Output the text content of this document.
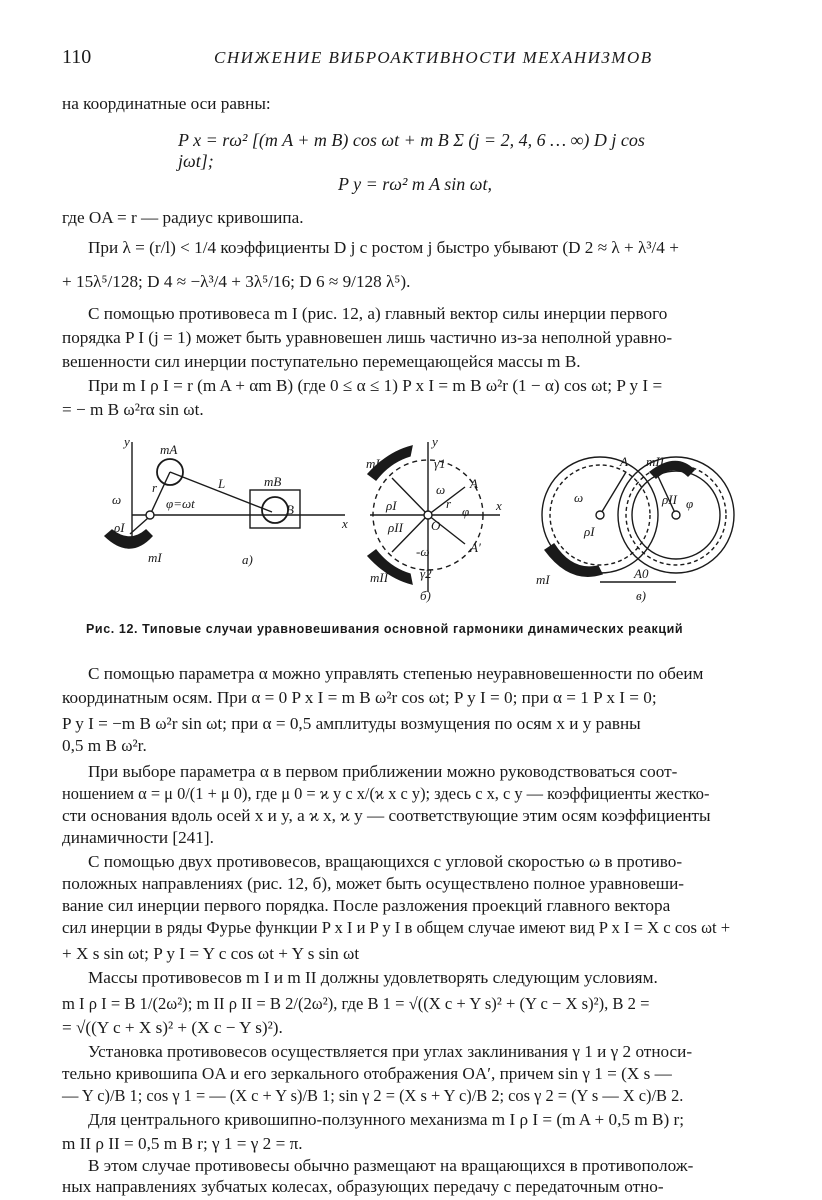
110	СНИЖЕНИЕ ВИБРОАКТИВНОСТИ МЕХАНИЗМОВ
на координатные оси равны:
P x = rω² [(m A + m B) cos ωt + m B Σ (j = 2, 4, 6 … ∞) D j cos jωt];
P y = rω² m A sin ωt,
где OA = r — радиус кривошипа.
При λ = (r/l) < 1/4 коэффициенты D j с ростом j быстро убывают (D 2 ≈ λ + λ³/4 +
+ 15λ⁵/128; D 4 ≈ −λ³/4 + 3λ⁵/16; D 6 ≈ 9/128 λ⁵).
С помощью противовеса m I (рис. 12, а) главный вектор силы инерции первого
порядка P I (j = 1) может быть уравновешен лишь частично из-за неполной уравно-
вешенности сил инерции поступательно перемещающейся массы m B.
При m I ρ I = r (m A + αm B) (где 0 ≤ α ≤ 1) P x I = m B ω²r (1 − α) cos ωt; P y I =
= − m B ω²rα sin ωt.
y
x
mA
mB
r	L
B
ω	φ=ωt
ρI
mI	а)
mI
mII
A
A′
y
x
O
γ1
γ2
ρI
ρII
ω
-ω
φ
r
б)
mII
mI
A
A0
ρI
ρII
ω	φ
в)
Рис. 12. Типовые случаи уравновешивания основной гармоники динамических реакций
С помощью параметра α можно управлять степенью неуравновешенности по обеим
координатным осям. При α = 0 P x I = m B ω²r cos ωt; P y I = 0; при α = 1 P x I = 0;
P y I = −m B ω²r sin ωt; при α = 0,5 амплитуды возмущения по осям x и y равны
0,5 m B ω²r.
При выборе параметра α в первом приближении можно руководствоваться соот-
ношением α = μ 0/(1 + μ 0), где μ 0 = ϰ y c x/(ϰ x c y); здесь c x, c y — коэффициенты жестко-
сти основания вдоль осей x и y, а ϰ x, ϰ y — соответствующие этим осям коэффициенты
динамичности [241].
С помощью двух противовесов, вращающихся с угловой скоростью ω в противо-
положных направлениях (рис. 12, б), может быть осуществлено полное уравновеши-
вание сил инерции первого порядка. После разложения проекций главного вектора
сил инерции в ряды Фурье функции P x I и P y I в общем случае имеют вид P x I = X c cos ωt +
+ X s sin ωt; P y I = Y c cos ωt + Y s sin ωt
Массы противовесов m I и m II должны удовлетворять следующим условиям.
m I ρ I = B 1/(2ω²); m II ρ II = B 2/(2ω²), где B 1 = √((X c + Y s)² + (Y c − X s)²), B 2 =
= √((Y c + X s)² + (X c − Y s)²).
Установка противовесов осуществляется при углах заклинивания γ 1 и γ 2 относи-
тельно кривошипа OA и его зеркального отображения OA′, причем sin γ 1 = (X s —
— Y c)/B 1; cos γ 1 = — (X c + Y s)/B 1; sin γ 2 = (X s + Y c)/B 2; cos γ 2 = (Y s — X c)/B 2.
Для центрального кривошипно-ползунного механизма m I ρ I = (m A + 0,5 m B) r;
m II ρ II = 0,5 m B r; γ 1 = γ 2 = π.
В этом случае противовесы обычно размещают на вращающихся в противополож-
ных направлениях зубчатых колесах, образующих передачу с передаточным отно-
